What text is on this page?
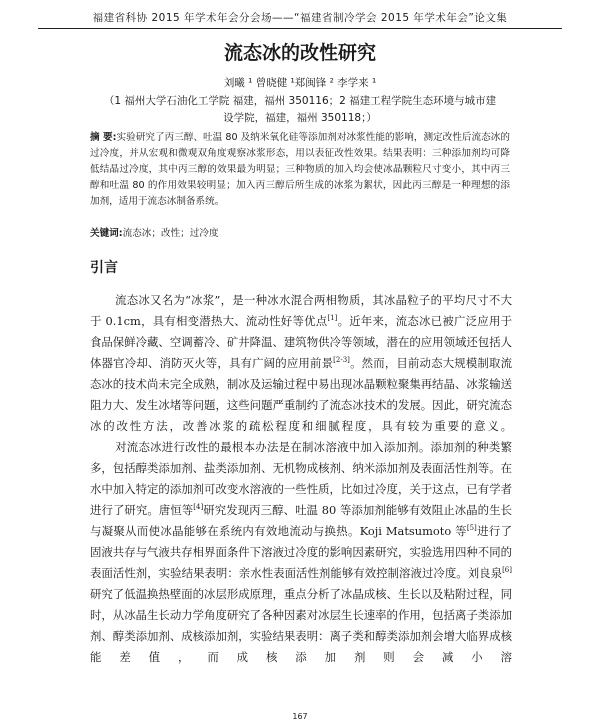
福建省科协 2015 年学术年会分会场——“福建省制冷学会 2015 年学术年会”论文集
流态冰的改性研究
刘曦 ¹ 曾晓健 ¹郑闽锋 ² 李学来 ¹
（1 福州大学石油化工学院 福建，福州 350116；2 福建工程学院生态环境与城市建设学院，福建，福州 350118；）
摘 要:实验研究了丙三醇、吐温 80 及纳米氧化硅等添加剂对冰浆性能的影响，测定改性后流态冰的过冷度，并从宏观和微观双角度观察冰浆形态，用以表征改性效果。结果表明：三种添加剂均可降低结晶过冷度，其中丙三醇的效果最为明显；三种物质的加入均会使冰晶颗粒尺寸变小，其中丙三醇和吐温 80 的作用效果较明显；加入丙三醇后所生成的冰浆为絮状，因此丙三醇是一种理想的添加剂，适用于流态冰制备系统。
关键词:流态冰；改性；过冷度
引言

流态冰又名为“冰浆”，是一种冰水混合两相物质，其冰晶粒子的平均尺寸不大于 0.1cm，具有相变潜热大、流动性好等优点[1]。近年来，流态冰已被广泛应用于食品保鲜冷藏、空调蓄冷、矿井降温、建筑物供冷等领域，潜在的应用领域还包括人体器官冷却、消防灭火等，具有广阔的应用前景[2-3]。然而，目前动态大规模制取流态冰的技术尚未完全成熟，制冰及运输过程中易出现冰晶颗粒聚集再结晶、冰浆输送阻力大、发生冰堵等问题，这些问题严重制约了流态冰技术的发展。因此，研究流态冰的改性方法，改善冰浆的疏松程度和细腻程度，具有较为重要的意义。

对流态冰进行改性的最根本办法是在制冰溶液中加入添加剂。添加剂的种类繁多，包括醇类添加剂、盐类添加剂、无机物成核剂、纳米添加剂及表面活性剂等。在水中加入特定的添加剂可改变水溶液的一些性质，比如过冷度，关于这点，已有学者进行了研究。唐恒等[4]研究发现丙三醇、吐温 80 等添加剂能够有效阻止冰晶的生长与凝聚从而使冰晶能够在系统内有效地流动与换热。Koji Matsumoto 等[5]进行了固液共存与气液共存相界面条件下溶液过冷度的影响因素研究，实验选用四种不同的表面活性剂，实验结果表明：亲水性表面活性剂能够有效控制溶液过冷度。刘良泉[6]研究了低温换热壁面的冰层形成原理，重点分析了冰晶成核、生长以及粘附过程，同时，从冰晶生长动力学角度研究了各种因素对冰层生长速率的作用，包括离子类添加剂、醇类添加剂、成核添加剂，实验结果表明：离子类和醇类添加剂会增大临界成核能差值，而成核添加剂则会减小溶

167
